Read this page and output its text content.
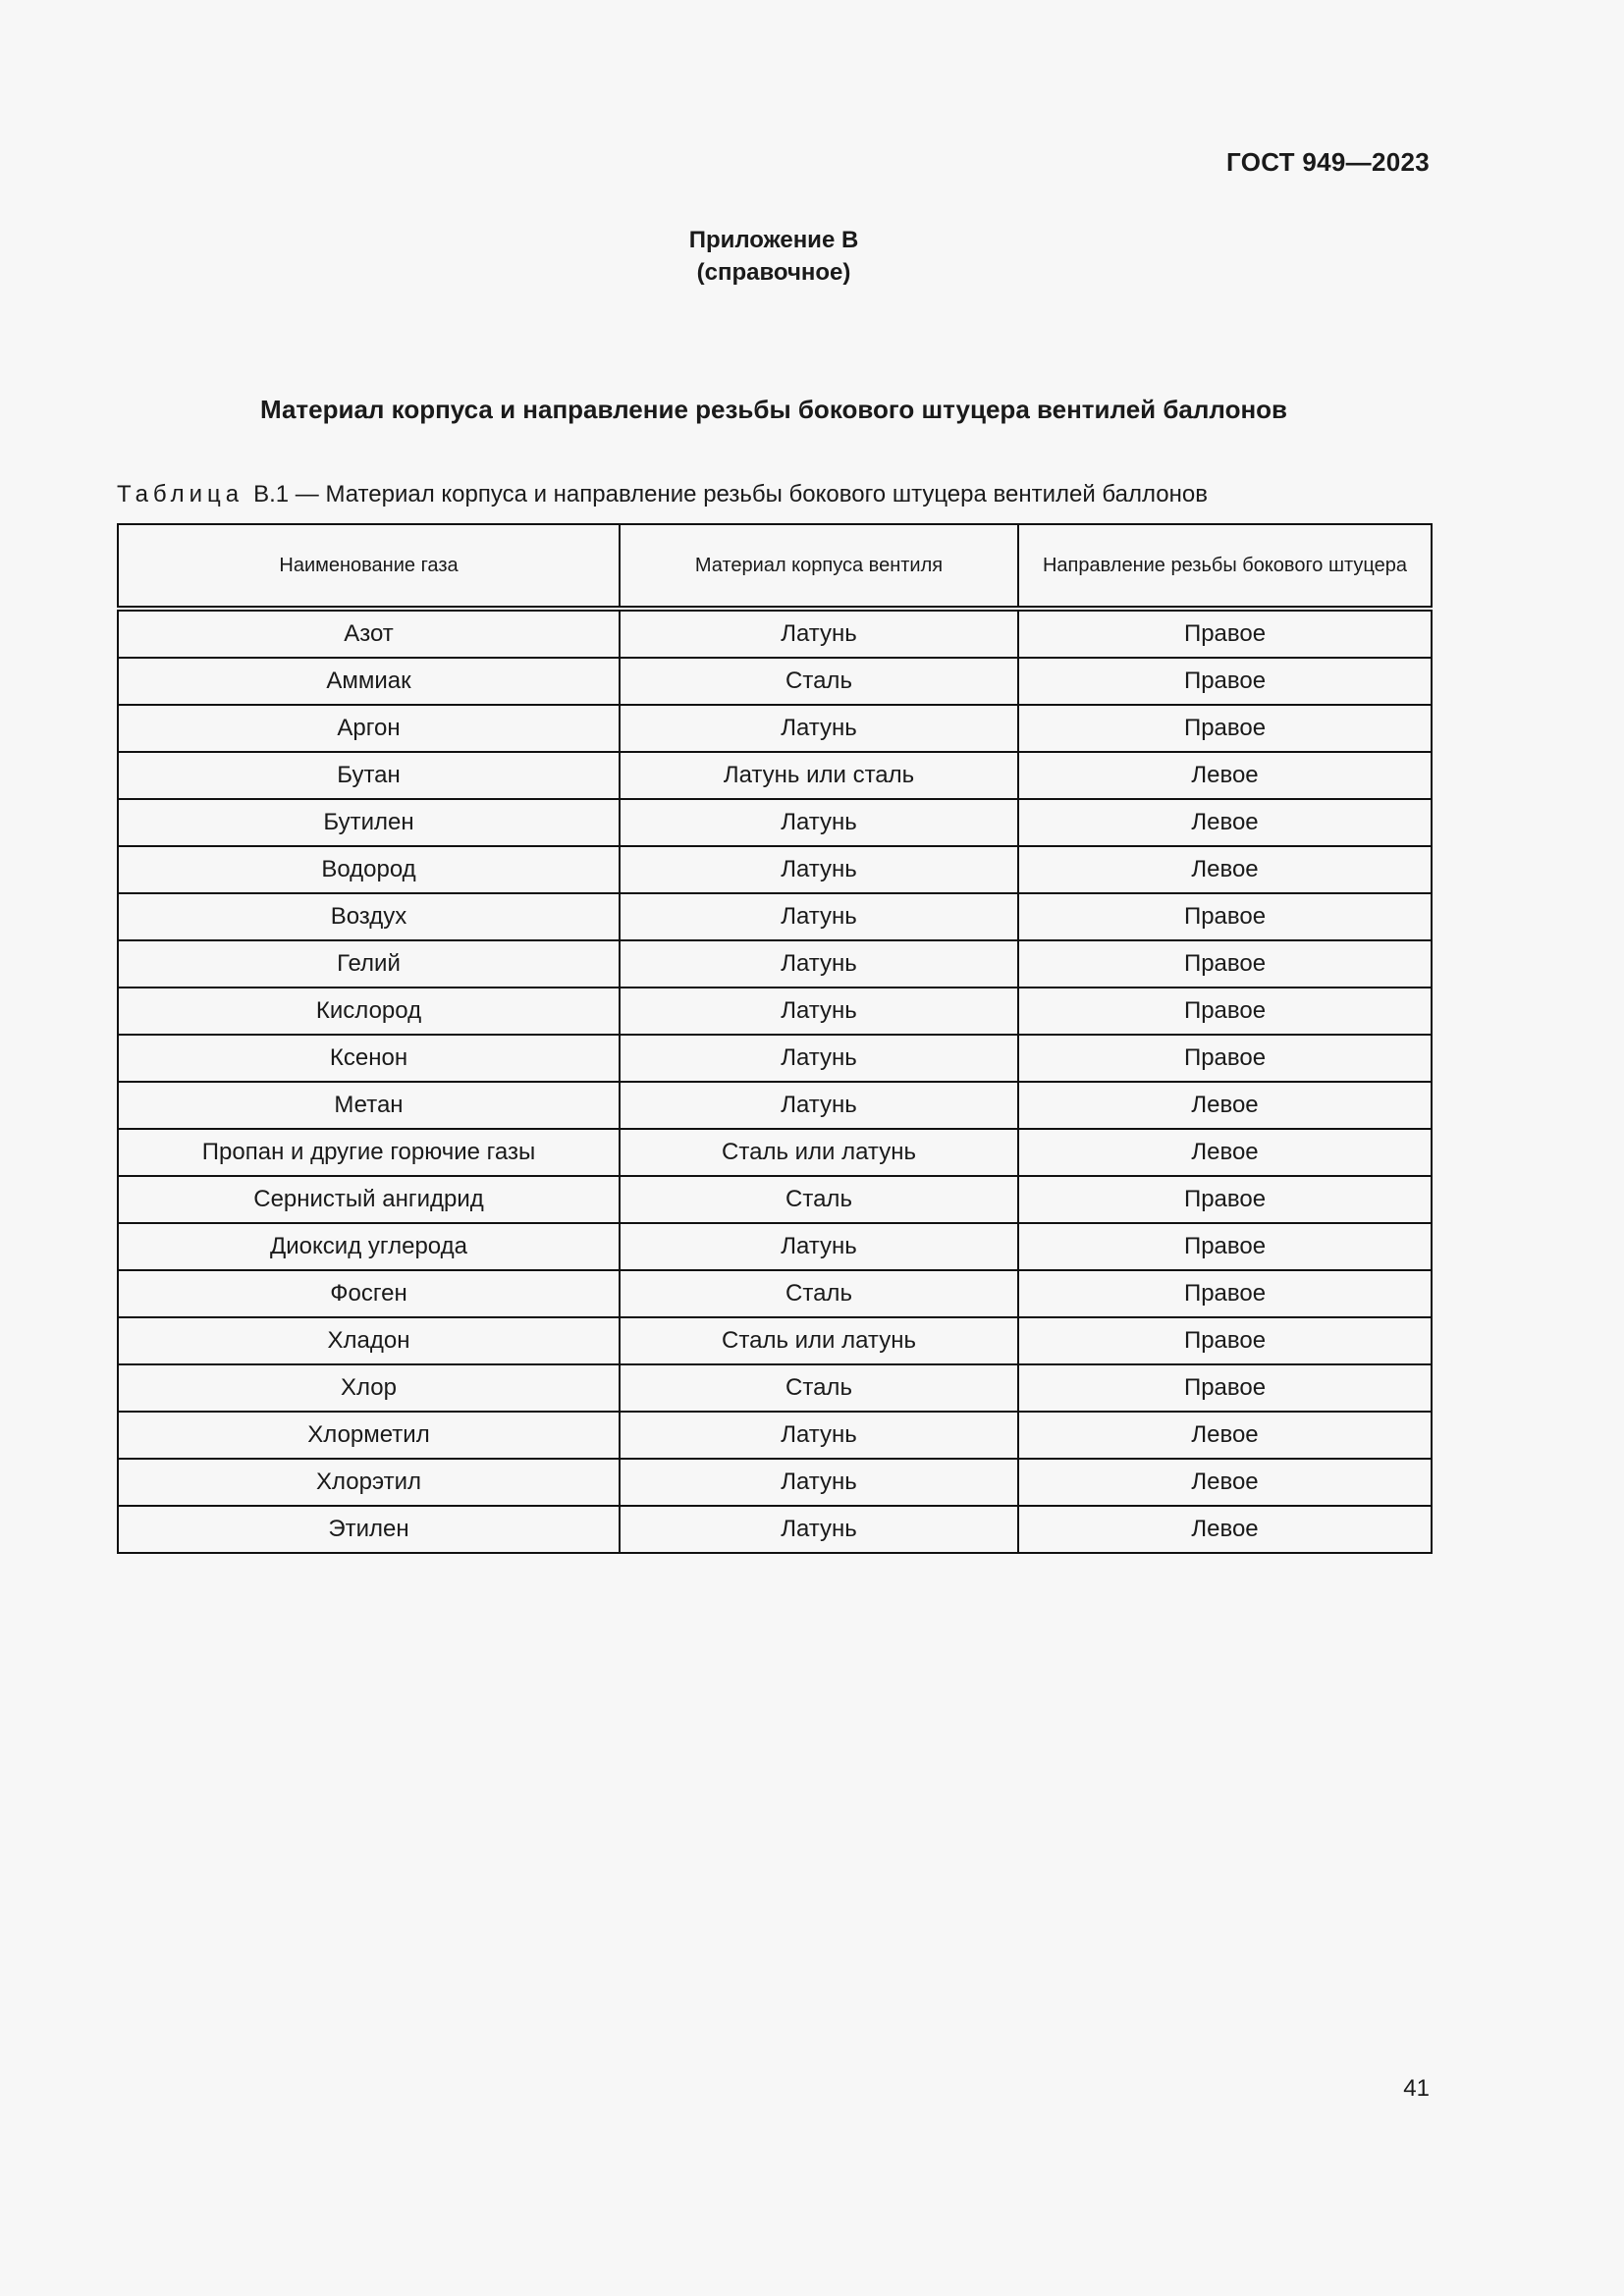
ГОСТ 949—2023
Приложение В
(справочное)
Материал корпуса и направление резьбы бокового штуцера вентилей баллонов
Таблица В.1 — Материал корпуса и направление резьбы бокового штуцера вентилей баллонов
Наименование газа	Материал корпуса вентиля	Направление резьбы бокового штуцера
Азот	Латунь	Правое
Аммиак	Сталь	Правое
Аргон	Латунь	Правое
Бутан	Латунь или сталь	Левое
Бутилен	Латунь	Левое
Водород	Латунь	Левое
Воздух	Латунь	Правое
Гелий	Латунь	Правое
Кислород	Латунь	Правое
Ксенон	Латунь	Правое
Метан	Латунь	Левое
Пропан и другие горючие газы	Сталь или латунь	Левое
Сернистый ангидрид	Сталь	Правое
Диоксид углерода	Латунь	Правое
Фосген	Сталь	Правое
Хладон	Сталь или латунь	Правое
Хлор	Сталь	Правое
Хлорметил	Латунь	Левое
Хлорэтил	Латунь	Левое
Этилен	Латунь	Левое
41
